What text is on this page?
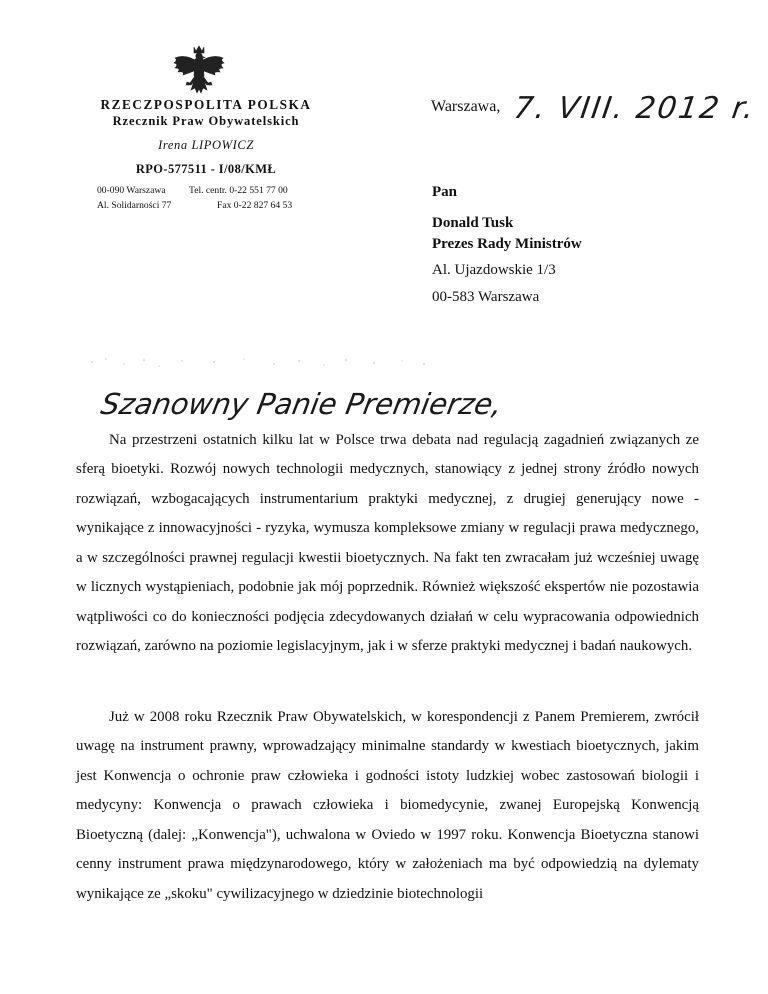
RZECZPOSPOLITA POLSKA
Rzecznik Praw Obywatelskich
Irena LIPOWICZ
RPO-577511 - I/08/KMŁ
00-090 Warszawa
Al. Solidarności 77
Tel. centr. 0-22 551 77 00
Fax 0-22 827 64 53
Warszawa, 7. VIII. 2012 r.
Pan
Donald Tusk
Prezes Rady Ministrów
Al. Ujazdowskie 1/3
00-583 Warszawa
Szanowny Panie Premierze,

Na przestrzeni ostatnich kilku lat w Polsce trwa debata nad regulacją zagadnień związanych ze sferą bioetyki. Rozwój nowych technologii medycznych, stanowiący z jednej strony źródło nowych rozwiązań, wzbogacających instrumentarium praktyki medycznej, z drugiej generujący nowe - wynikające z innowacyjności - ryzyka, wymusza kompleksowe zmiany w regulacji prawa medycznego, a w szczególności prawnej regulacji kwestii bioetycznych. Na fakt ten zwracałam już wcześniej uwagę w licznych wystąpieniach, podobnie jak mój poprzednik. Również większość ekspertów nie pozostawia wątpliwości co do konieczności podjęcia zdecydowanych działań w celu wypracowania odpowiednich rozwiązań, zarówno na poziomie legislacyjnym, jak i w sferze praktyki medycznej i badań naukowych.

Już w 2008 roku Rzecznik Praw Obywatelskich, w korespondencji z Panem Premierem, zwrócił uwagę na instrument prawny, wprowadzający minimalne standardy w kwestiach bioetycznych, jakim jest Konwencja o ochronie praw człowieka i godności istoty ludzkiej wobec zastosowań biologii i medycyny: Konwencja o prawach człowieka i biomedycynie, zwanej Europejską Konwencją Bioetyczną (dalej: „Konwencja"), uchwalona w Oviedo w 1997 roku. Konwencja Bioetyczna stanowi cenny instrument prawa międzynarodowego, który w założeniach ma być odpowiedzią na dylematy wynikające ze „skoku" cywilizacyjnego w dziedzinie biotechnologii
